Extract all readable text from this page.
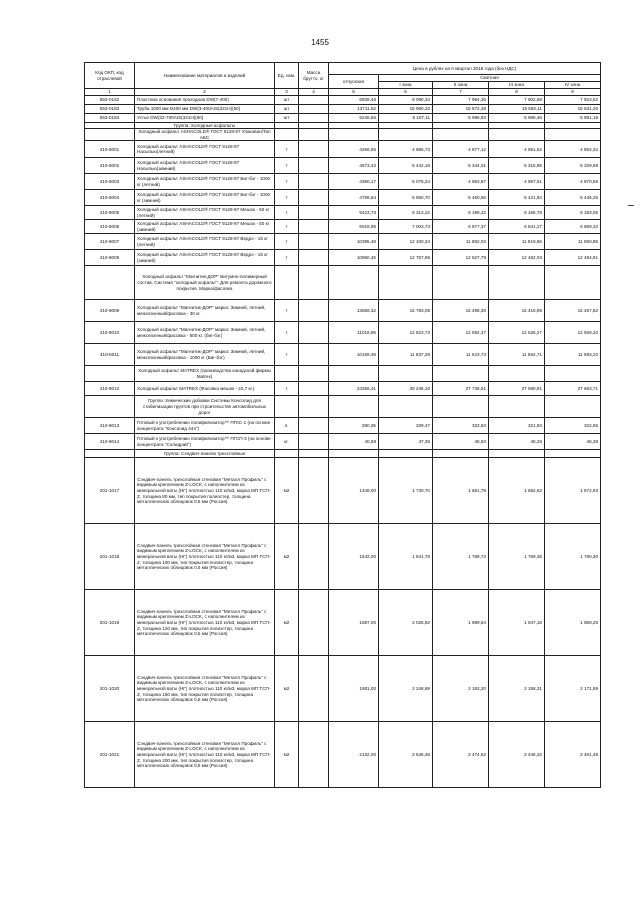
1455
Код ОКП, код отраслевой	Наименование материалов и изделий	Ед. изм.	Масса брутто, кг	Цена в рублях на II квартал 2018 года (без НДС)				
				отпускная	Сметная			
					I зона	II зона	III зона	IV зона
1	2	3	4	5	6	7	8	9
553-0182	Пластина основания проходная DW(7-400)	шт		6939,46	8 090,34	7 984,36	7 902,68	7 923,52
553-0183	Труба 1000 мм D400 мм DW(3-400AIS(321Н)(50)	шт		13711,62	15 960,32	15 672,38	15 592,11	15 631,25
553-0184	Устье DW(32-700AIS(321Н)(50)	шт		5246,66	6 107,11	5 996,93	5 965,45	5 981,19
	Группа: Холодные асфальты							
	Холодный асфальт ASHACOLD® ГОСТ 9128-97 Упакован/Тип АБС							
410-8001	Холодный асфальт ASHACOLD® ГОСТ 9128-97 Насыпью(летний)	т		4266,95	4 966,73	4 877,12	4 851,52	4 864,32
410-8002	Холодный асфальт ASHACOLD® ГОСТ 9128-97 Насыпью(зимний)	т		4673,42	5 442,19	5 344,01	5 315,95	5 329,98
410-8003	Холодный асфальт ASHACOLD® ГОСТ 9128-97 Биг-бэг - 1000 кг (летний)	т		4360,17	5 075,24	4 983,67	4 957,51	4 970,59
410-8004	Холодный асфальт ASHACOLD® ГОСТ 9128-97 Биг-бэг - 1000 кг (зимний)	т		4768,64	5 550,70	5 450,56	5 421,94	5 436,25
410-8005	Холодный асфальт ASHACOLD® ГОСТ 9128-97 Мешок - 50 кг (летний)	т		5423,73	6 313,22	6 199,32	6 166,78	6 183,05
410-8006	Холодный асфальт ASHACOLD® ГОСТ 9128-97 Мешок - 50 кг (зимний)	т		6016,95	7 003,73	6 877,37	6 841,27	6 859,32
410-8007	Холодный асфальт ASHACOLD® ГОСТ 9128-97 Ведро - 15 кг (летний)	т		10395,48	12 100,34	11 882,03	11 819,66	11 850,85
410-8008	Холодный асфальт ASHACOLD® ГОСТ 9128-97 Ведро - 15 кг (зимний)	т		10960,45	12 757,96	12 527,79	12 462,03	12 494,91
	Холодный асфальт "Магнитик-ДОР" Битумно-полимерный состав. Система "холодный асфальт". Для ремонта дорожного покрытия. Марка/фасовка							
410-8009	Холодный асфальт "Магнитик-ДОР" марка: Зимний, летний, межсезонный/фасовка - 30 кг.	т		13559,32	15 783,05	15 498,30	15 416,95	15 457,62
410-8010	Холодный асфальт "Магнитик-ДОР" марка: Зимний, летний, межсезонный/фасовка - 600 кг. (биг-бэг)	т		11016,95	12 823,73	12 592,37	12 526,27	12 559,32
410-8011	Холодный асфальт "Магнитик-ДОР" марка: Зимний, летний, межсезонный/фасовка - 1000 кг (Биг-бэг)	т		10169,49	11 837,29	11 623,73	11 562,71	11 593,22
	Холодный асфальт MATREX (производства канадской фирмы Matrex)							
410-8012	Холодный асфальт MATREX (Фасовка мешок - 22,7 кг.)	т		24256,41	28 246,10	27 736,51	27 590,91	27 663,71
	Группа: Химические добавки Системы Консолид для стабилизации грунтов при строительстве автомобильных дорог							
410-8013	Готовый к употреблению полифилизатор™ ПГКС-1 (на основе концентрата "Консолид 444")	л.		280,05	329,47	323,53	321,83	322,65
410-8014	Готовый к употреблению полифилизатор™ ПГСП-3 (на основе концентрата "Солидрай")	кг.		40,68	47,36	46,50	46,25	46,38
	Группа: Сэндвич-панели трехслойные							
201-1017	Сэндвич-панель трехслойная стеновая "Металл Профиль" с видимым креплением Z-LOCK, с наполнителем из минеральной ваты (НГ) плотностью 110 кг/м3, марка МП ТСП-Z, толщина 80 мм, тип покрытия полиэстер, толщина металлических облицовок 0,5 мм (Россия)	м2		1449,00	1 730,70	1 681,79	1 662,62	1 672,93
201-1018	Сэндвич-панель трехслойная стеновая "Металл Профиль" с видимым креплением Z-LOCK, с наполнителем из минеральной ваты (НГ) плотностью 110 кг/м3, марка МП ТСП-Z, толщина 100 мм, тип покрытия полиэстер, толщина металлических облицовок 0,5 мм (Россия)	м2		1542,00	1 841,78	1 789,73	1 769,35	1 780,30
201-1019	Сэндвич-панель трехслойная стеновая "Металл Профиль" с видимым креплением Z-LOCK, с наполнителем из минеральной ваты (НГ) плотностью 110 кг/м3, марка МП ТСП-Z, толщина 120 мм, тип покрытия полиэстер, толщина металлических облицовок 0,5 мм (Россия)	м2		1697,00	2 026,92	1 969,64	1 947,18	1 959,25
201-1020	Сэндвич-панель трехслойная стеновая "Металл Профиль" с видимым креплением Z-LOCK, с наполнителем из минеральной ваты (НГ) плотностью 110 кг/м3, марка МП ТСП-Z, толщина 150 мм, тип покрытия полиэстер, толщина металлических облицовок 0,5 мм (Россия)	м2		1881,00	2 246,69	2 183,20	2 158,31	2 171,69
201-1021	Сэндвич-панель трехслойная стеновая "Металл Профиль" с видимым креплением Z-LOCK, с наполнителем из минеральной ваты (НГ) плотностью 110 кг/м3, марка МП ТСП-Z, толщина 200 мм, тип покрытия полиэстер, толщина металлических облицовок 0,5 мм (Россия)	м2		2132,00	2 546,49	2 474,52	2 446,32	2 461,48
